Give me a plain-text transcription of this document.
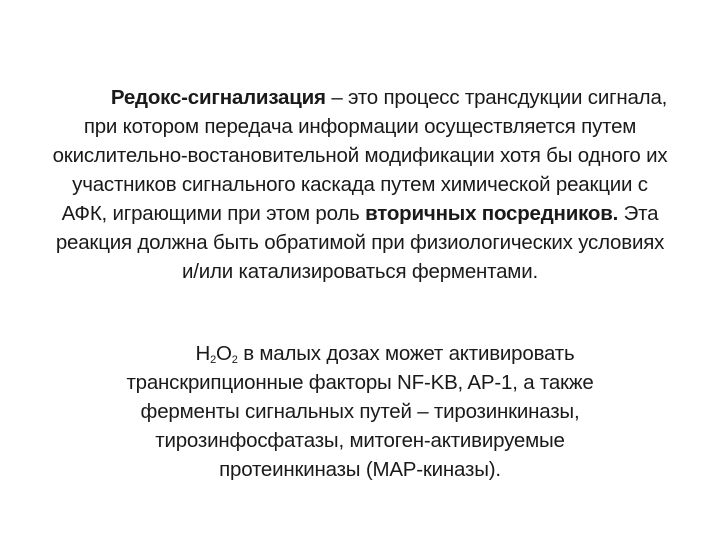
Редокс-сигнализация – это процесс трансдукции сигнала, при котором передача информации осуществляется путем окислительно-востановительной модификации хотя бы одного их участников сигнального каскада путем химической реакции с АФК, играющими при этом роль вторичных посредников. Эта реакция должна быть обратимой при физиологических условиях и/или катализироваться ферментами.

$H_2O_2$ в малых дозах может активировать транскрипционные факторы NF-KB, AP-1, а также ферменты сигнальных путей – тирозинкиназы, тирозинфосфатазы, митоген-активируемые протеинкиназы (MAP-киназы).
